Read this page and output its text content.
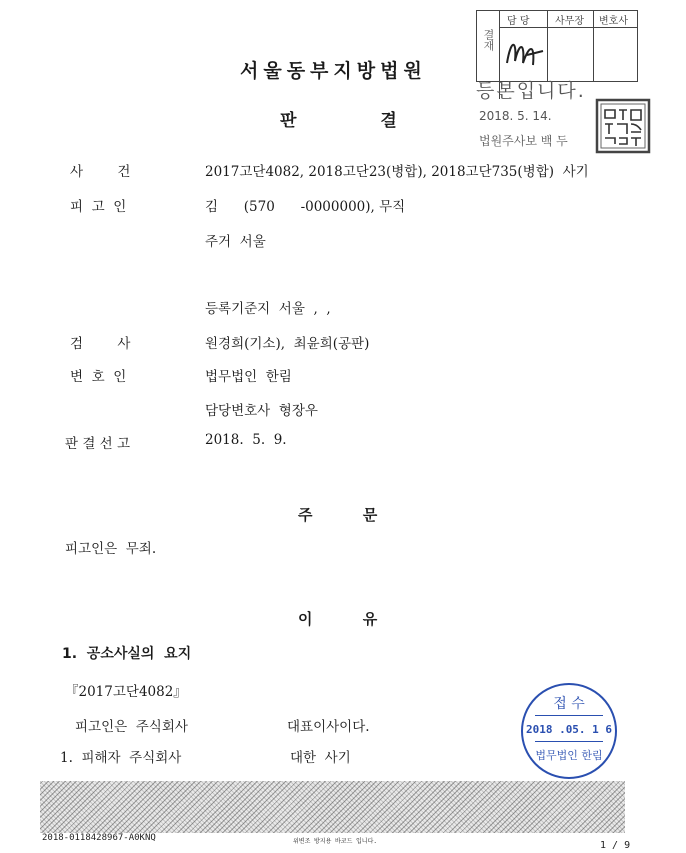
결재
담 당	사무장 변호사
등본입니다.
2018. 5. 14.
법원주사보 백 두
서울동부지방법원
판 결
사        건	2017고단4082, 2018고단23(병합), 2018고단735(병합)  사기
피  고  인	김      (570      -0000000), 무직
주거  서울
등록기준지  서울  ,  ,
검        사	원경희(기소),  최윤희(공판)
변  호  인	법무법인  한림
담당변호사  형장우
판 결 선 고	2018.  5.  9.
주 문
피고인은  무죄.
이 유
1.  공소사실의  요지
『2017고단4082』
피고인은  주식회사	대표이사이다.
1.  피해자  주식회사	대한  사기
접 수
2018 .05. 1 6
법무법인 한림
2018-0118428967-A0KNQ	위변조 방지용 바코드 입니다.	1 / 9
